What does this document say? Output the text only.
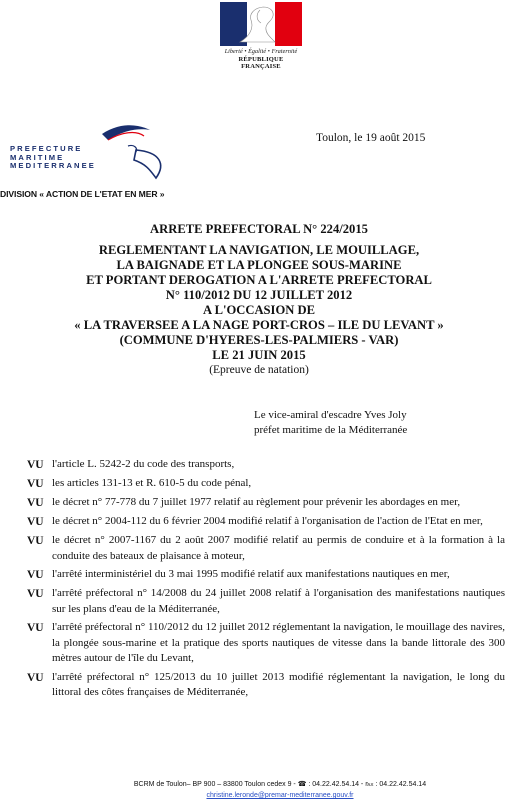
Liberté • Égalité • Fraternité
RÉPUBLIQUE FRANÇAISE
PREFECTURE
MARITIME
MEDITERRANEE
DIVISION « ACTION DE L'ETAT EN MER »
Toulon, le 19 août 2015
ARRETE PREFECTORAL N° 224/2015
REGLEMENTANT LA NAVIGATION, LE MOUILLAGE,
LA BAIGNADE ET LA PLONGEE SOUS-MARINE
ET PORTANT DEROGATION A L'ARRETE PREFECTORAL
N° 110/2012 DU 12 JUILLET 2012
A L'OCCASION DE
« LA TRAVERSEE A LA NAGE PORT-CROS – ILE DU LEVANT »
(COMMUNE D'HYERES-LES-PALMIERS - VAR)
LE 21 JUIN 2015
(Epreuve de natation)
Le vice-amiral d'escadre Yves Joly
préfet maritime de la Méditerranée
VU l'article L. 5242-2 du code des transports,
VU les articles 131-13 et R. 610-5 du code pénal,
VU le décret n° 77-778 du 7 juillet 1977 relatif au règlement pour prévenir les abordages en mer,
VU le décret n° 2004-112 du 6 février 2004 modifié relatif à l'organisation de l'action de l'Etat en mer,
VU le décret n° 2007-1167 du 2 août 2007 modifié relatif au permis de conduire et à la formation à la conduite des bateaux de plaisance à moteur,
VU l'arrêté interministériel du 3 mai 1995 modifié relatif aux manifestations nautiques en mer,
VU l'arrêté préfectoral n° 14/2008 du 24 juillet 2008 relatif à l'organisation des manifestations nautiques sur les plans d'eau de la Méditerranée,
VU l'arrêté préfectoral n° 110/2012 du 12 juillet 2012 réglementant la navigation, le mouillage des navires, la plongée sous-marine et la pratique des sports nautiques de vitesse dans la bande littorale des 300 mètres autour de l'île du Levant,
VU l'arrêté préfectoral n° 125/2013 du 10 juillet 2013 modifié réglementant la navigation, le long du littoral des côtes françaises de Méditerranée,
BCRM de Toulon– BP 900 – 83800 Toulon cedex 9 - ☎ : 04.22.42.54.14 - ℻ : 04.22.42.54.14
christine.leronde@premar-mediterranee.gouv.fr
